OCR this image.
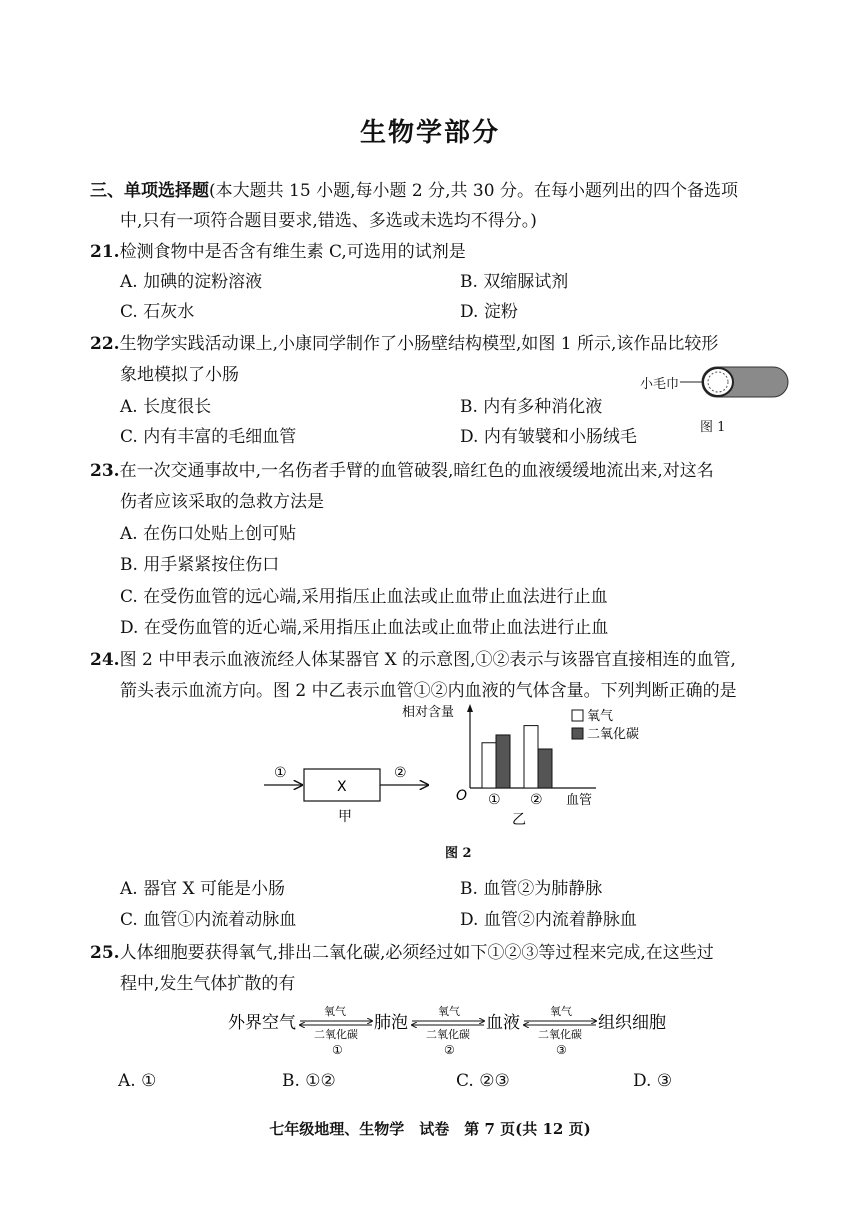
生物学部分
三、单项选择题(本大题共 15 小题,每小题 2 分,共 30 分。在每小题列出的四个备选项
中,只有一项符合题目要求,错选、多选或未选均不得分。)
21.检测食物中是否含有维生素 C,可选用的试剂是
A. 加碘的淀粉溶液	B. 双缩脲试剂
C. 石灰水	D. 淀粉
22.生物学实践活动课上,小康同学制作了小肠壁结构模型,如图 1 所示,该作品比较形
象地模拟了小肠
A. 长度很长	B. 内有多种消化液
C. 内有丰富的毛细血管	D. 内有皱襞和小肠绒毛
小毛巾
图 1
23.在一次交通事故中,一名伤者手臂的血管破裂,暗红色的血液缓缓地流出来,对这名
伤者应该采取的急救方法是
A. 在伤口处贴上创可贴
B. 用手紧紧按住伤口
C. 在受伤血管的远心端,采用指压止血法或止血带止血法进行止血
D. 在受伤血管的近心端,采用指压止血法或止血带止血法进行止血
24.图 2 中甲表示血液流经人体某器官 X 的示意图,①②表示与该器官直接相连的血管,
箭头表示血流方向。图 2 中乙表示血管①②内血液的气体含量。下列判断正确的是
①
X
②
甲
相对含量
O ① ② 血管
乙
氧气
二氧化碳
图 2
A. 器官 X 可能是小肠	B. 血管②为肺静脉
C. 血管①内流着动脉血	D. 血管②内流着静脉血
25.人体细胞要获得氧气,排出二氧化碳,必须经过如下①②③等过程来完成,在这些过
程中,发生气体扩散的有
外界空气
氧气
二氧化碳
①
肺泡
氧气
二氧化碳
②
血液
氧气
二氧化碳
③
组织细胞
A. ①	B. ①②	C. ②③	D. ③
七年级地理、生物学　试卷　第 7 页(共 12 页)
